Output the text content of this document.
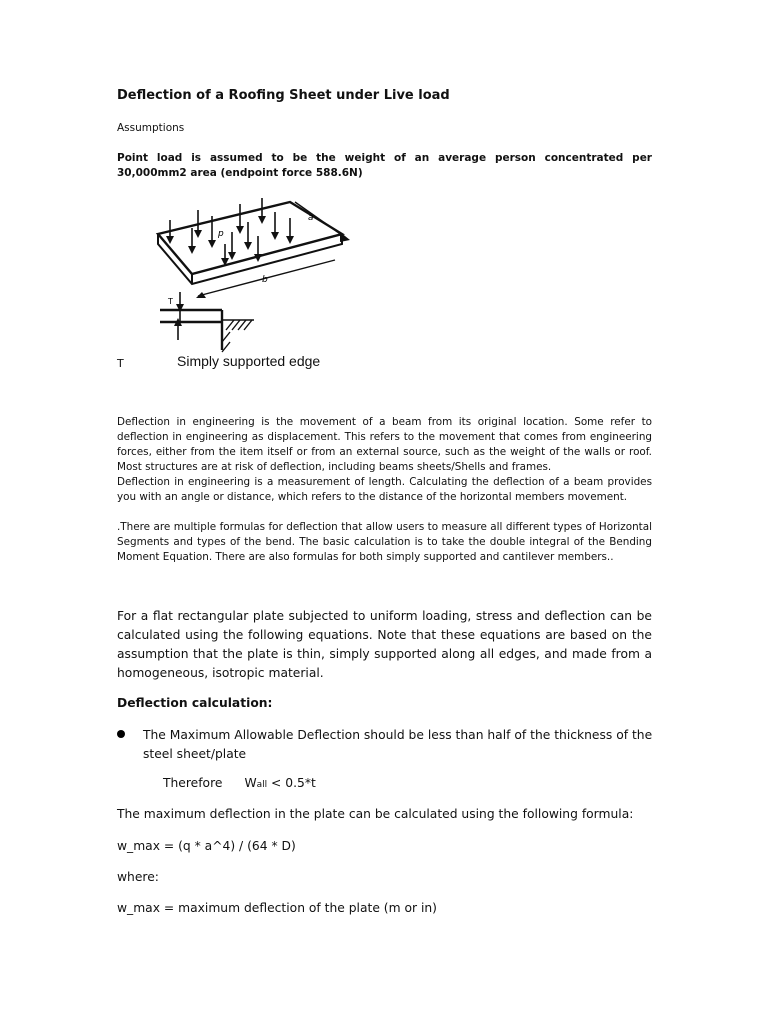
Deflection of a Roofing Sheet under Live load
Assumptions
Point load is assumed to be the weight of an average person concentrated per 30,000mm2 area (endpoint force 588.6N)
a
b
p
T
T	Simply supported edge

Deflection in engineering is the movement of a beam from its original location. Some refer to deflection in engineering as displacement. This refers to the movement that comes from engineering forces, either from the item itself or from an external source, such as the weight of the walls or roof. Most structures are at risk of deflection, including beams sheets/Shells and frames.

Deflection in engineering is a measurement of length. Calculating the deflection of a beam provides you with an angle or distance, which refers to the distance of the horizontal members movement.

.There are multiple formulas for deflection that allow users to measure all different types of Horizontal Segments and types of the bend. The basic calculation is to take the double integral of the Bending Moment Equation. There are also formulas for both simply supported and cantilever members..

For a flat rectangular plate subjected to uniform loading, stress and deflection can be calculated using the following equations. Note that these equations are based on the assumption that the plate is thin, simply supported along all edges, and made from a homogeneous, isotropic material.

Deflection calculation:
The Maximum Allowable Deflection should be less than half of the thickness of the steel sheet/plate
Therefore Wall < 0.5*t
The maximum deflection in the plate can be calculated using the following formula:
w_max = (q * a^4) / (64 * D)
where:
w_max = maximum deflection of the plate (m or in)
